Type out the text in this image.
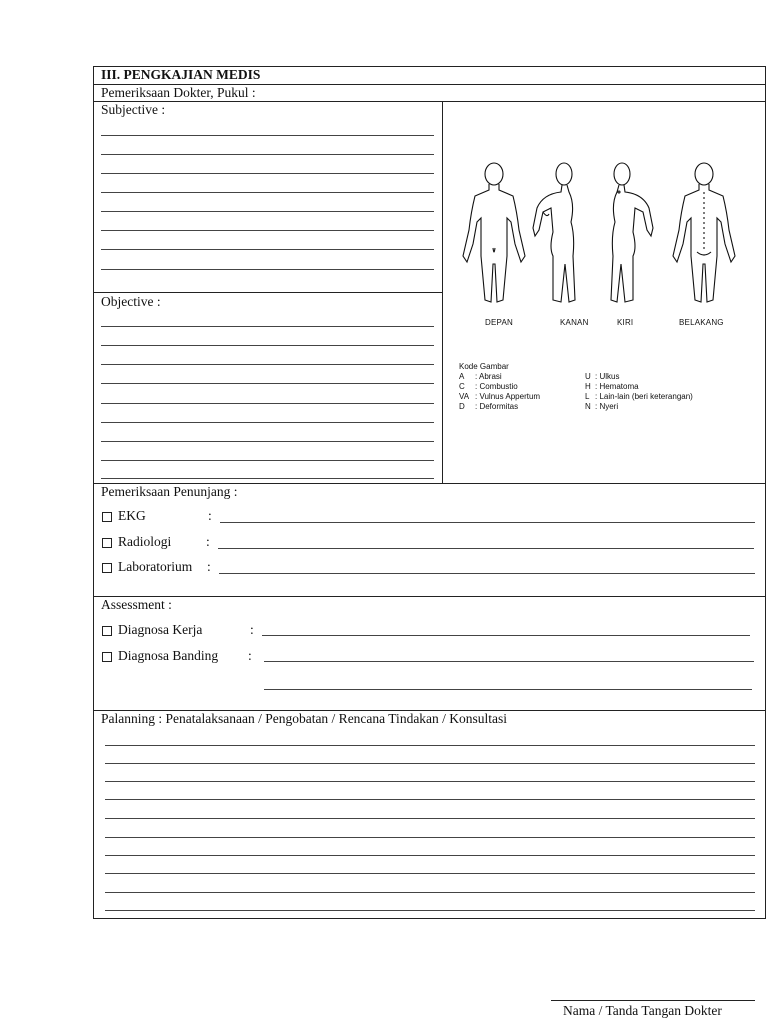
III. PENGKAJIAN MEDIS
Pemeriksaan Dokter, Pukul :
Subjective :
Objective :
DEPAN	KANAN	KIRI	BELAKANG
Kode Gambar
A : Abrasi
C : Combustio
VA : Vulnus Appertum
D : Deformitas
U : Ulkus
H : Hematoma
L : Lain-lain (beri keterangan)
N : Nyeri
Pemeriksaan Penunjang :
EKG	:
Radiologi	:
Laboratorium :
Assessment :
Diagnosa Kerja	:
Diagnosa Banding :
Palanning : Penatalaksanaan / Pengobatan / Rencana Tindakan / Konsultasi
Nama / Tanda Tangan Dokter
